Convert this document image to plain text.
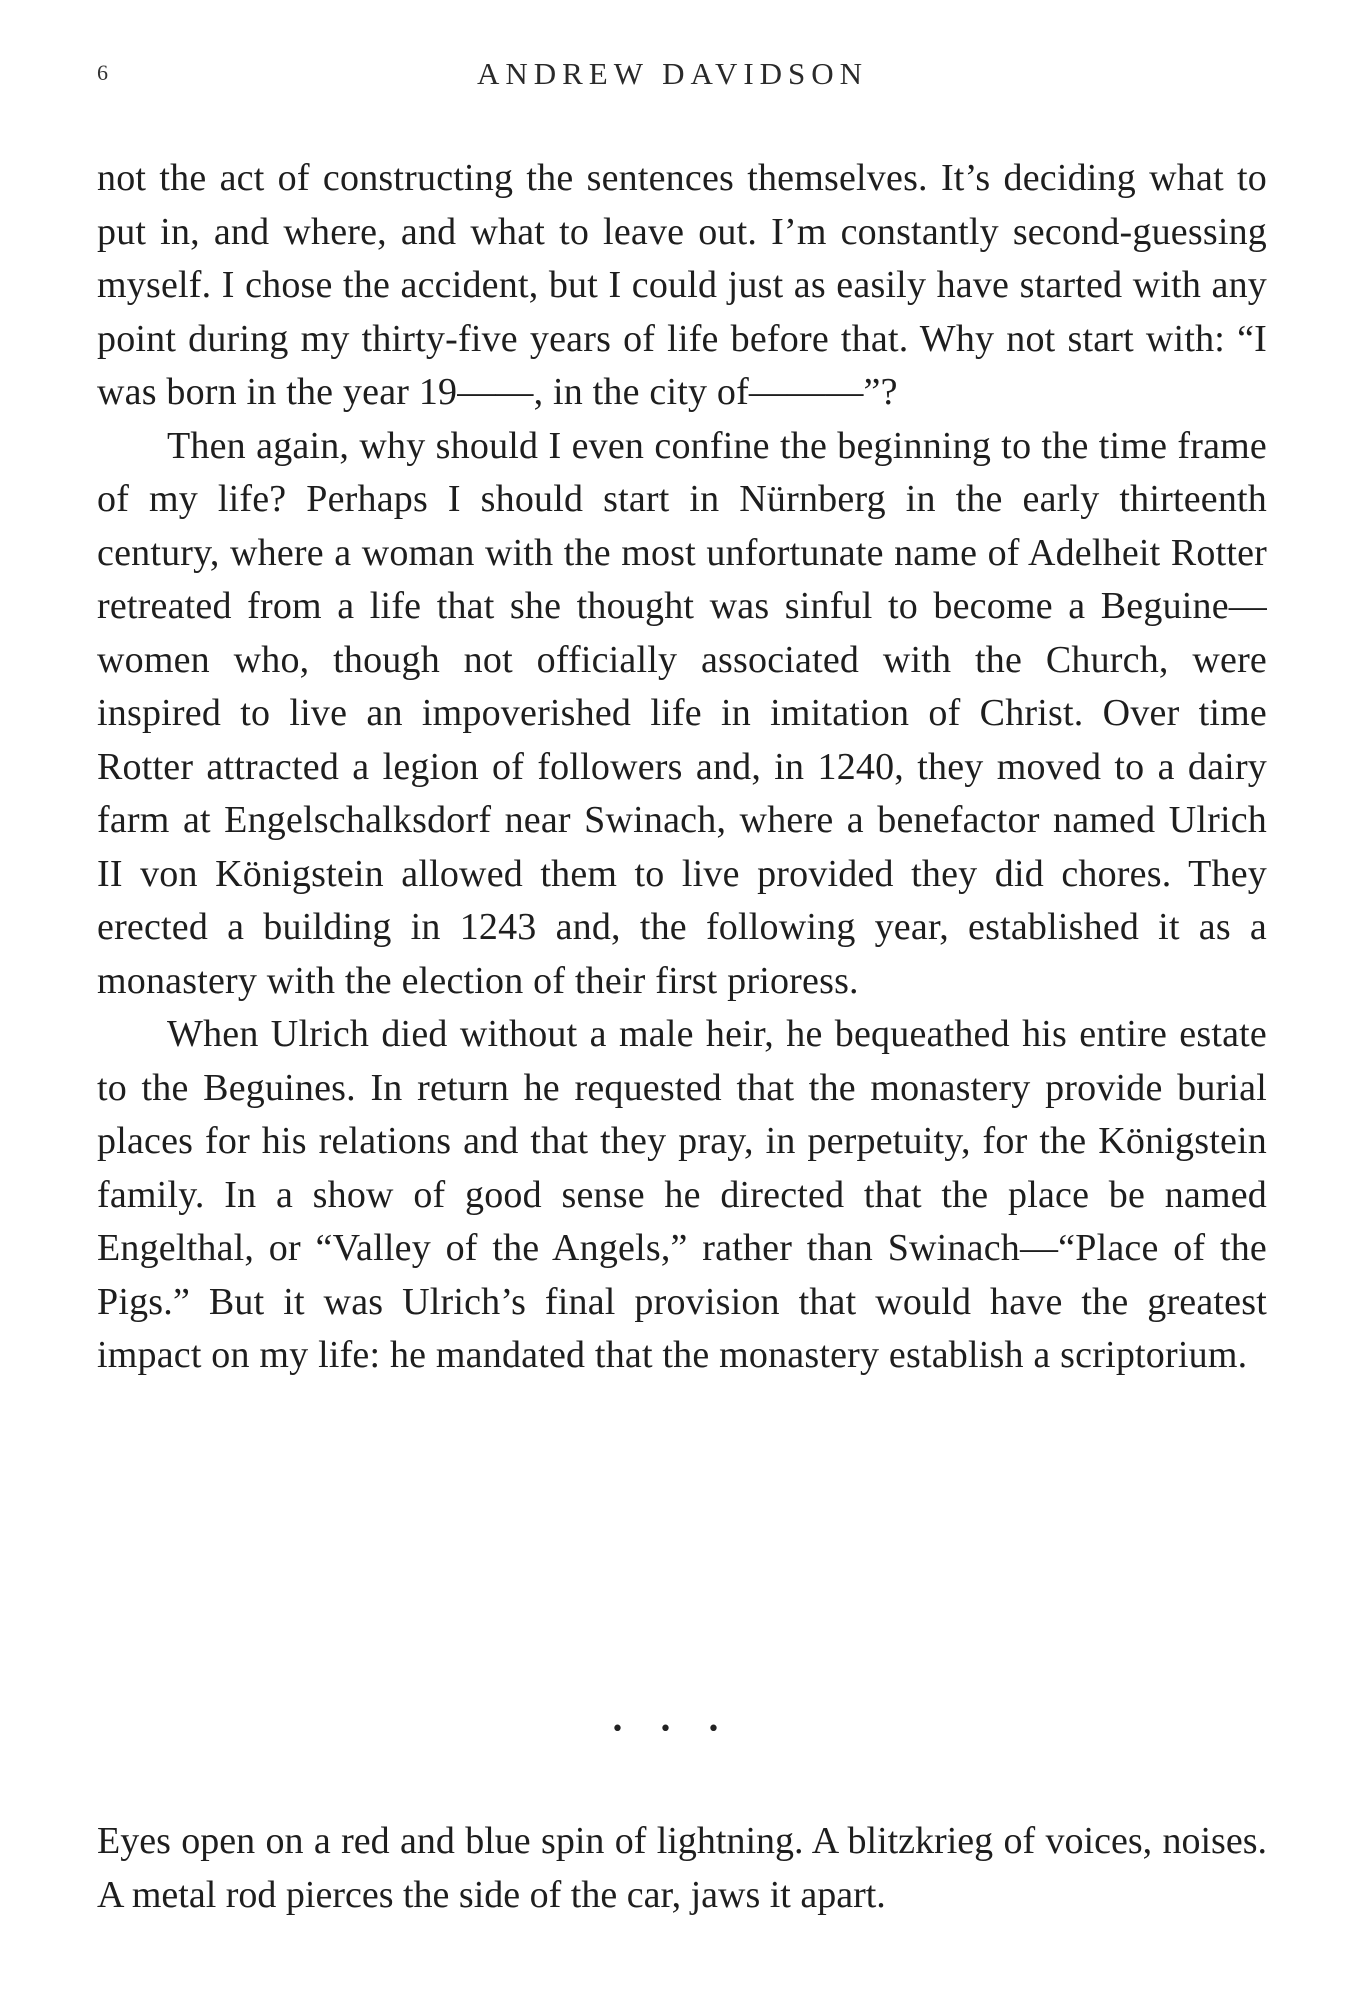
6	ANDREW DAVIDSON

not the act of constructing the sentences themselves. It’s deciding what to put in, and where, and what to leave out. I’m constantly second-guessing myself. I chose the accident, but I could just as easily have started with any point during my thirty-five years of life before that. Why not start with: “I was born in the year 19——, in the city of———”?

Then again, why should I even confine the beginning to the time frame of my life? Perhaps I should start in Nürnberg in the early thirteenth century, where a woman with the most unfortunate name of Adelheit Rotter retreated from a life that she thought was sinful to become a Beguine—women who, though not officially associated with the Church, were inspired to live an impoverished life in imitation of Christ. Over time Rotter attracted a legion of followers and, in 1240, they moved to a dairy farm at Engelschalksdorf near Swinach, where a benefactor named Ulrich II von Königstein allowed them to live provided they did chores. They erected a building in 1243 and, the following year, established it as a monastery with the election of their first prioress.

When Ulrich died without a male heir, he bequeathed his entire estate to the Beguines. In return he requested that the monastery provide burial places for his relations and that they pray, in perpetuity, for the Königstein family. In a show of good sense he directed that the place be named Engelthal, or “Valley of the Angels,” rather than Swinach—“Place of the Pigs.” But it was Ulrich’s final provision that would have the greatest impact on my life: he mandated that the monastery establish a scriptorium.

• • •

Eyes open on a red and blue spin of lightning. A blitzkrieg of voices, noises. A metal rod pierces the side of the car, jaws it apart.
